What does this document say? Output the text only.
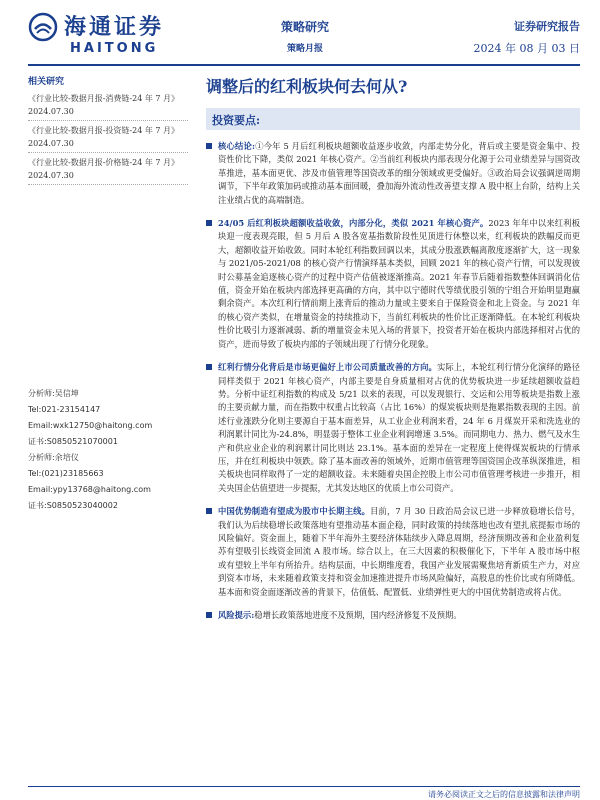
海通证券
HAITONG
策略研究
策略月报
证券研究报告
2024 年 08 月 03 日
相关研究
《行业比较-数据月报-消费链-24 年 7 月》2024.07.30
《行业比较-数据月报-投资链-24 年 7 月》2024.07.30
《行业比较-数据月报-价格链-24 年 7 月》2024.07.30
分析师:吴信坤
Tel:021-23154147
Email:wxk12750@haitong.com
证书:S0850521070001
分析师:余培仪
Tel:(021)23185663
Email:ypy13768@haitong.com
证书:S0850523040002
调整后的红利板块何去何从?
投资要点:
核心结论:①今年 5 月后红利板块超额收益逐步收敛，内部走势分化，背后或主要是资金集中、投资性价比下降，类似 2021 年核心资产。②当前红利板块内部表现分化源于公司业绩差异与国资改革推进，基本面更优、涉及市值管理等国资改革的细分领域或更受偏好。③政治局会议强调逆周期调节，下半年政策加码或推动基本面回暖，叠加海外流动性改善望支撑 A 股中枢上台阶，结构上关注业绩占优的高端制造。
24/05 后红利板块超额收益收敛，内部分化，类似 2021 年核心资产。2023 年年中以来红利板块迎一度表现亮眼，但 5 月后 A 股各宽基指数阶段性见顶进行休整以来，红利板块的跌幅反而更大，超额收益开始收敛。同时本轮红利指数回调以来，其成分股涨跌幅离散度逐渐扩大，这一现象与 2021/05-2021/08 的核心资产行情演绎基本类似，回顾 2021 年的核心资产行情，可以发现彼时公募基金追逐核心资产的过程中资产估值被逐渐推高。2021 年春节后随着指数整体回调消化估值，资金开始在板块内部选择更高确的方向，其中以宁德时代等绩优股引领的宁组合开始明显跑赢剩余资产。本次红利行情前期上涨背后的推动力量或主要来自于保险资金和北上资金。与 2021 年的核心资产类似，在增量资金的持续推动下，当前红利板块的性价比正逐渐降低。在本轮红利板块性价比吸引力逐渐减弱、新的增量资金未见入场的背景下，投资者开始在板块内部选择相对占优的资产，进而导致了板块内部的子领域出现了行情分化现象。
红利行情分化背后是市场更偏好上市公司质量改善的方向。实际上，本轮红利行情分化演绎的路径同样类似于 2021 年核心资产，内部主要是自身质量相对占优的优势板块进一步延续超额收益趋势。分析中证红利指数的构成及 5/21 以来的表现，可以发现银行、交运和公用等板块是指数上涨的主要贡献力量，而在指数中权重占比较高（占比 16%）的煤炭板块则是拖累指数表现的主因。前述行业涨跌分化则主要源自于基本面差异，从工业企业利润来看，24 年 6 月煤炭开采和洗选业的利润累计同比为-24.8%，明显弱于整体工业企业利润增速 3.5%。而同期电力、热力、燃气及水生产和供应业企业的利润累计同比则达 23.1%。基本面的差异在一定程度上使得煤炭板块的行情承压，并在红利板块中领跌。除了基本面改善的领域外，近期市值管理等国资国企改革纵深推进，相关板块也同样取得了一定的超额收益。未来随着央国企控股上市公司市值管理考核进一步推开，相关央国企估值望进一步提振，尤其发达地区的优质上市公司资产。
中国优势制造有望成为股市中长期主线。目前，7 月 30 日政治局会议已进一步释放稳增长信号，我们认为后续稳增长政策落地有望推动基本面企稳，同时政策的持续落地也改有望扎底提振市场的风险偏好。资金面上，随着下半年海外主要经济体陆续步入降息周期，经济预期改善和企业盈利复苏有望吸引长线资金回流 A 股市场。综合以上，在三大因素的积极催化下，下半年 A 股市场中枢或有望较上半年有所抬升。结构层面，中长期维度看，我国产业发展需聚焦培育新质生产力，对应到资本市场，未来随着政策支持和资金加速推进提升市场风险偏好，高股息的性价比或有所降低。基本面和资金面逐渐改善的背景下，估值低、配置低、业绩弹性更大的中国优势制造或将占优。
风险提示:稳增长政策落地进度不及预期，国内经济修复不及预期。
请务必阅读正文之后的信息披露和法律声明
